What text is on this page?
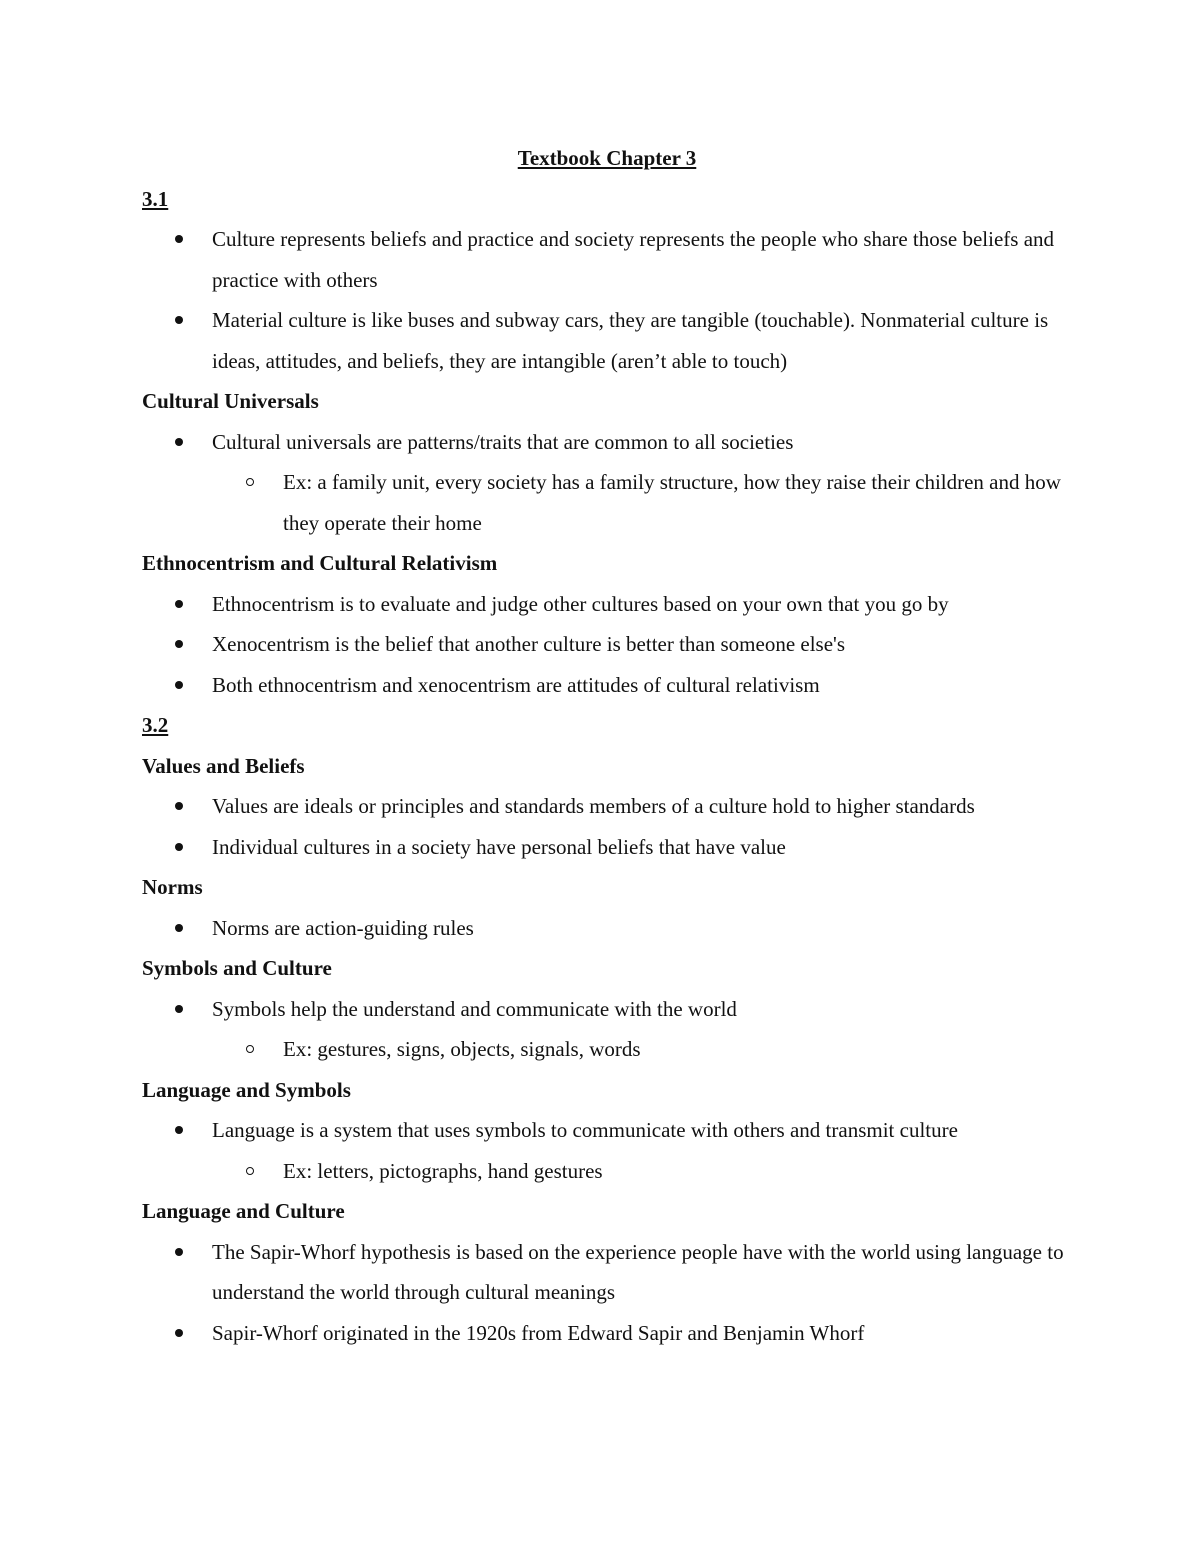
Textbook Chapter 3

3.1

Culture represents beliefs and practice and society represents the people who share those beliefs and practice with others
Material culture is like buses and subway cars, they are tangible (touchable). Nonmaterial culture is ideas, attitudes, and beliefs, they are intangible (aren’t able to touch)

Cultural Universals

Cultural universals are patterns/traits that are common to all societies
Ex: a family unit, every society has a family structure, how they raise their children and how they operate their home

Ethnocentrism and Cultural Relativism

Ethnocentrism is to evaluate and judge other cultures based on your own that you go by
Xenocentrism is the belief that another culture is better than someone else's
Both ethnocentrism and xenocentrism are attitudes of cultural relativism

3.2

Values and Beliefs

Values are ideals or principles and standards members of a culture hold to higher standards
Individual cultures in a society have personal beliefs that have value

Norms

Norms are action-guiding rules

Symbols and Culture

Symbols help the understand and communicate with the world
Ex: gestures, signs, objects, signals, words

Language and Symbols

Language is a system that uses symbols to communicate with others and transmit culture
Ex: letters, pictographs, hand gestures

Language and Culture

The Sapir-Whorf hypothesis is based on the experience people have with the world using language to understand the world through cultural meanings
Sapir-Whorf originated in the 1920s from Edward Sapir and Benjamin Whorf
